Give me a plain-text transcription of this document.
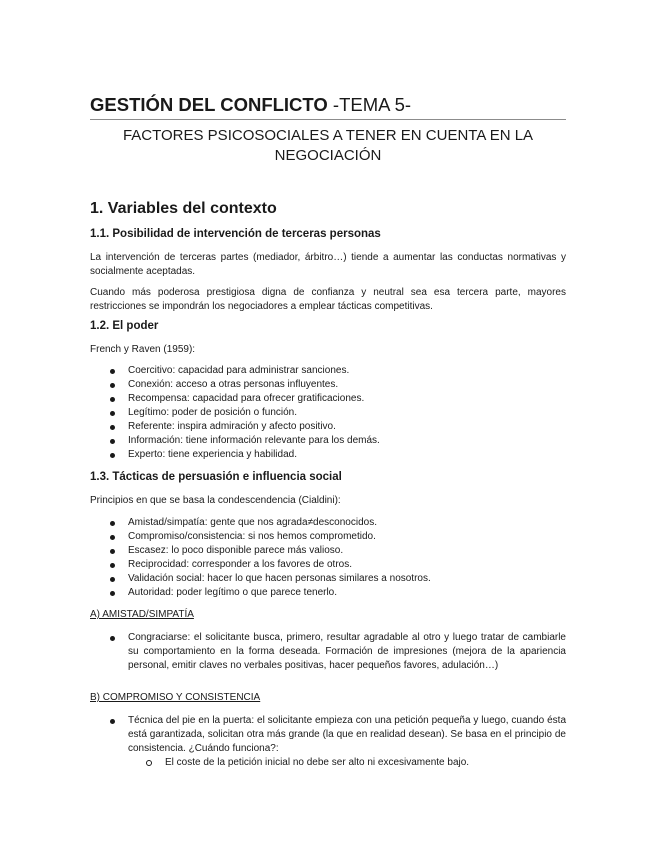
GESTIÓN DEL CONFLICTO -TEMA 5-
FACTORES PSICOSOCIALES A TENER EN CUENTA EN LA NEGOCIACIÓN
1. Variables del contexto
1.1. Posibilidad de intervención de terceras personas
La intervención de terceras partes (mediador, árbitro…) tiende a aumentar las conductas normativas y socialmente aceptadas.
Cuando más poderosa prestigiosa digna de confianza y neutral sea esa tercera parte, mayores restricciones se impondrán los negociadores a emplear tácticas competitivas.
1.2. El poder
French y Raven (1959):
Coercitivo: capacidad para administrar sanciones.
Conexión: acceso a otras personas influyentes.
Recompensa: capacidad para ofrecer gratificaciones.
Legítimo: poder de posición o función.
Referente: inspira admiración y afecto positivo.
Información: tiene información relevante para los demás.
Experto: tiene experiencia y habilidad.
1.3. Tácticas de persuasión e influencia social
Principios en que se basa la condescendencia (Cialdini):
Amistad/simpatía: gente que nos agrada≠desconocidos.
Compromiso/consistencia: si nos hemos comprometido.
Escasez: lo poco disponible parece más valioso.
Reciprocidad: corresponder a los favores de otros.
Validación social: hacer lo que hacen personas similares a nosotros.
Autoridad: poder legítimo o que parece tenerlo.
A) AMISTAD/SIMPATÍA
Congraciarse: el solicitante busca, primero, resultar agradable al otro y luego tratar de cambiarle su comportamiento en la forma deseada. Formación de impresiones (mejora de la apariencia personal, emitir claves no verbales positivas, hacer pequeños favores, adulación…)
B) COMPROMISO Y CONSISTENCIA
Técnica del pie en la puerta: el solicitante empieza con una petición pequeña y luego, cuando ésta está garantizada, solicitan otra más grande (la que en realidad desean). Se basa en el principio de consistencia. ¿Cuándo funciona?:
El coste de la petición inicial no debe ser alto ni excesivamente bajo.
